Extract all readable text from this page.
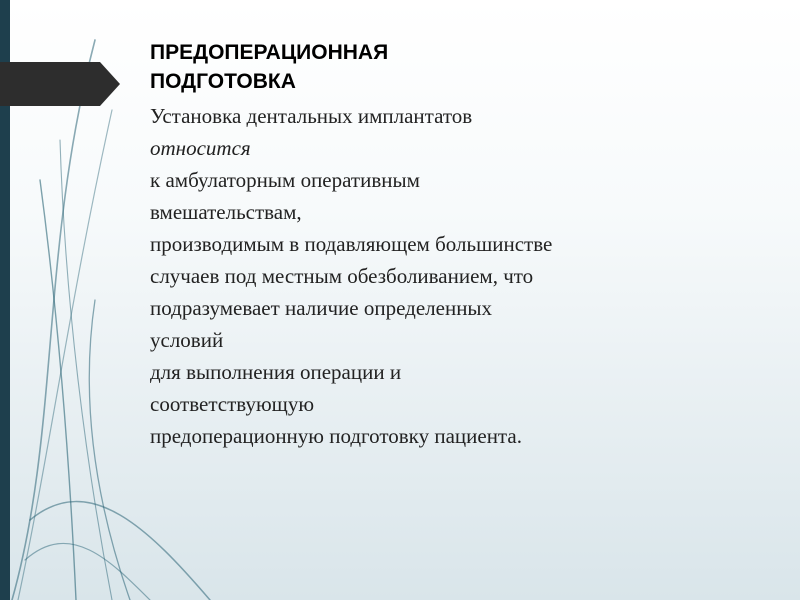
ПРЕДОПЕРАЦИОННАЯ
ПОДГОТОВКА
Установка дентальных имплантатов
относится
к амбулаторным оперативным
вмешательствам,
производимым в подавляющем большинстве
случаев под местным обезболиванием, что
подразумевает наличие определенных
условий
для выполнения операции и
соответствующую
предоперационную подготовку пациента.
